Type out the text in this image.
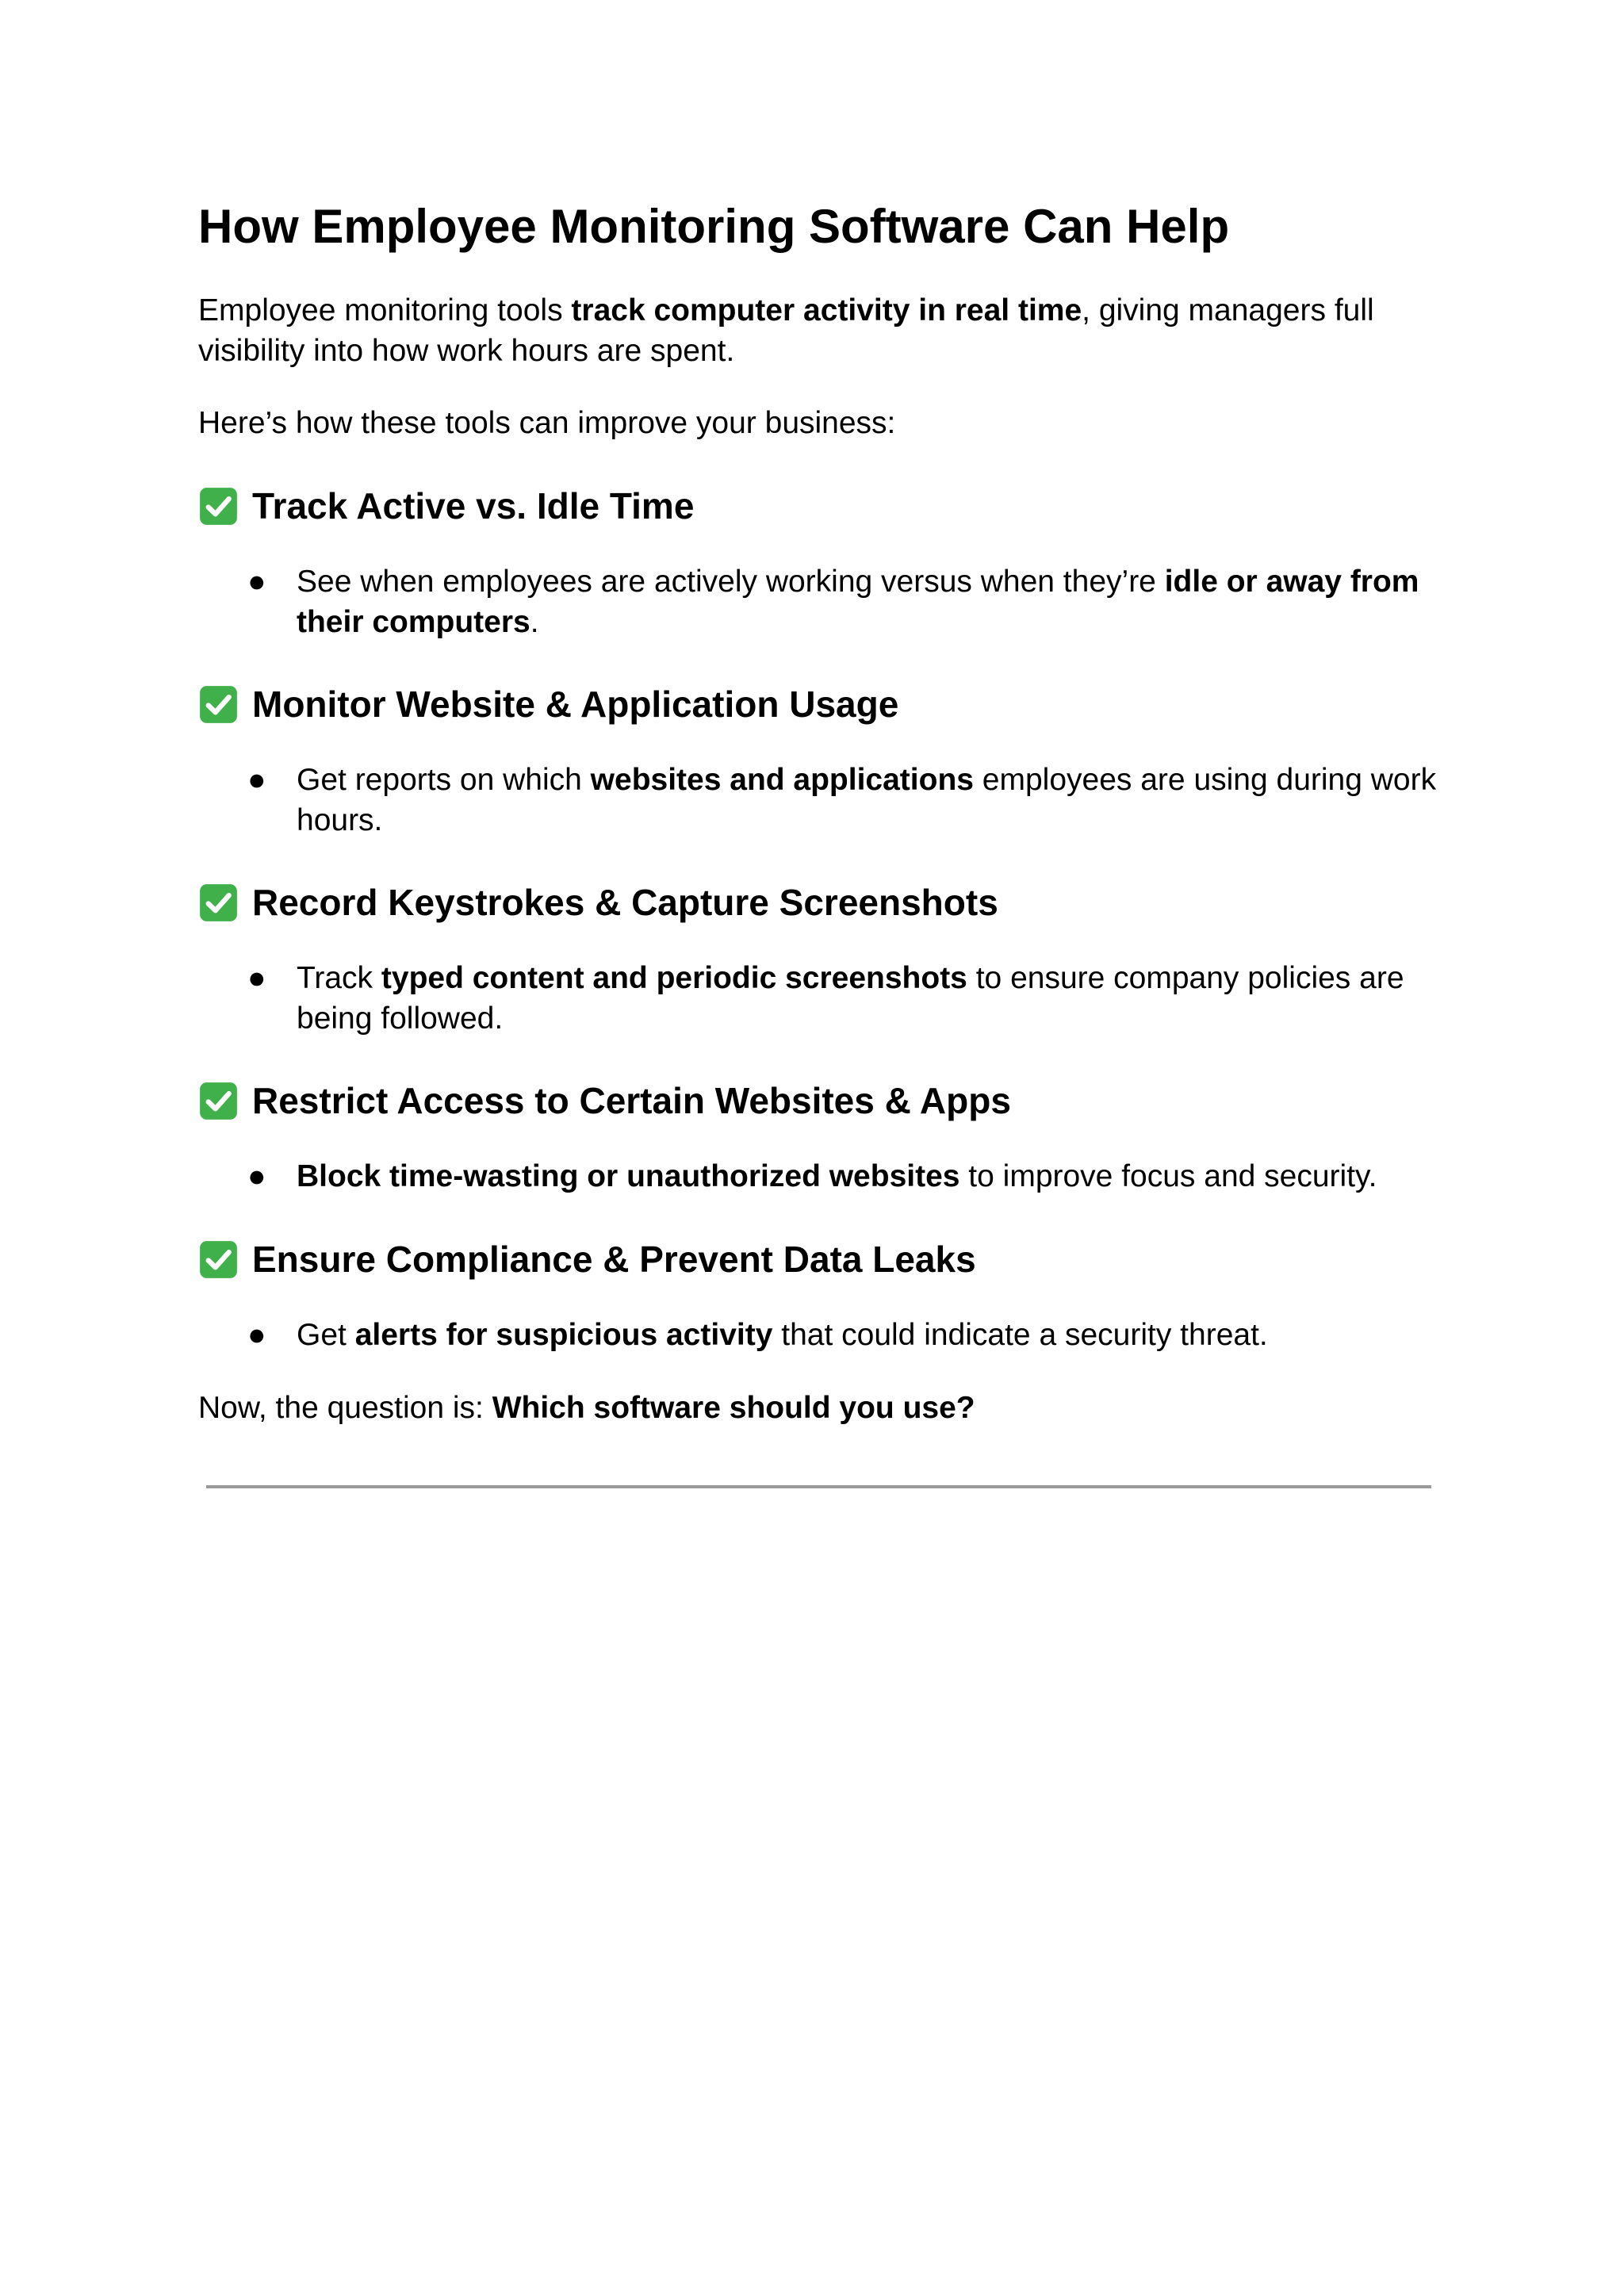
How Employee Monitoring Software Can Help

Employee monitoring tools track computer activity in real time, giving managers full visibility into how work hours are spent.

Here’s how these tools can improve your business:

Track Active vs. Idle Time

● See when employees are actively working versus when they’re idle or away from their computers.

Monitor Website & Application Usage

● Get reports on which websites and applications employees are using during work hours.

Record Keystrokes & Capture Screenshots

● Track typed content and periodic screenshots to ensure company policies are being followed.

Restrict Access to Certain Websites & Apps

● Block time-wasting or unauthorized websites to improve focus and security.

Ensure Compliance & Prevent Data Leaks

● Get alerts for suspicious activity that could indicate a security threat.

Now, the question is: Which software should you use?
